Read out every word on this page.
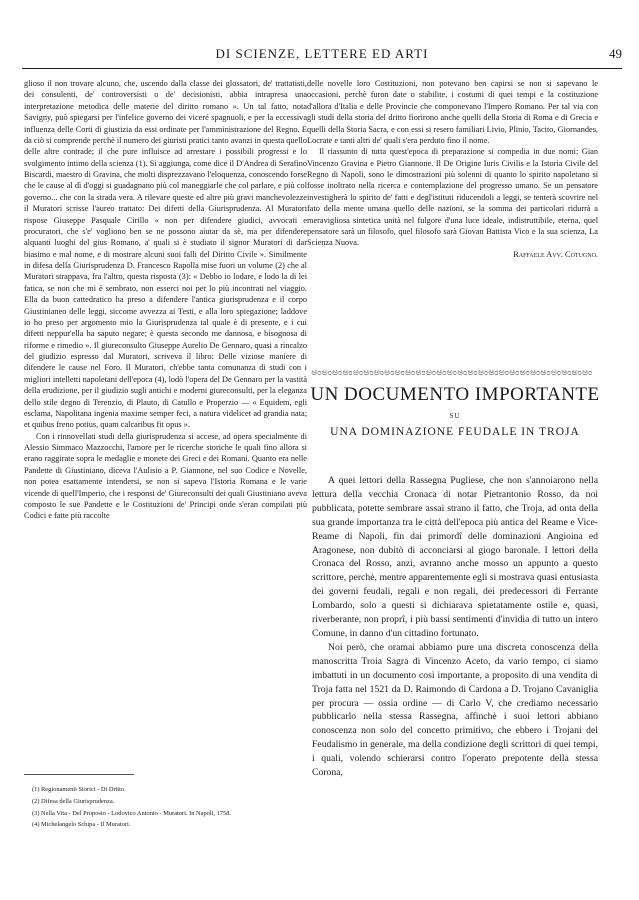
DI SCIENZE, LETTERE ED ARTI	49

glioso il non trovare alcuno, che, uscendo dalla classe dei glossatori, de' trattatisti, dei consulenti, de' controversisti o de' decisionisti, abbia intrapresa una interpretazione metodica delle materie del diritto romano ». Un tal fatto, nota Savigny, può spiegarsi per l'infelice governo dei viceré spagnuoli, e per la eccessiva influenza delle Corti di giustizia da essi ordinate per l'amministrazione del Regno. E da ciò si comprende perchè il numero dei giuristi pratici tanto avanzi in questa quello delle altre contrade; il che pure influisce ad arrestare i possibili progressi e lo svolgimento intimo della scienza (1). Si aggiunga, come dice il D'Andrea di Serafino Biscardi, maestro di Gravina, che molti disprezzavano l'eloquenza, conoscendo forse che le cause al dì d'oggi si guadagnano più col maneggiarle che col parlare, e più col governo... che con la strada vera. A rilevare queste ed altre più gravi manchevolezze il Muratori scrisse l'aureo trattato: Dei difetti della Giurisprudenza. Al Muratori rispose Giuseppe Pasquale Cirillo « non per difendere giudici, avvocati e procuratori, che s'e' vogliono ben se ne possono aiutar da sè, ma per difendere alquanti luoghi del gius Romano, a' quali si è studiato il signor Muratori di dar biasimo e mal nome, e di mostrare alcuni suoi falli del Diritto Civile ». Similmente in difesa della Giurisprudenza D. Francesco Rapolla mise fuori un volume (2) che al Muratori strappava, fra l'altro, questa risposta (3): « Debbo io lodare, e lodo la di lei fatica, se non che mi è sembrato, non esserci noi per lo più incontrati nel viaggio. Ella da buon cattedratico ha preso a difendere l'antica giurisprudenza e il corpo Giustinianeo delle leggi, siccome avvezza ai Testi, e alla loro spiegazione; laddove io ho preso per argomento mio la Giurisprudenza tal quale è di presente, e i cui difetti neppur'ella ha saputo negare; è questa secondo me dannosa, e bisognosa di riforme e rimedio ». Il giureconsulto Giuseppe Aurelio De Gennaro, quasi a rincalzo del giudizio espresso dal Muratori, scriveva il libro: Delle viziose maniere di difendere le cause nel Foro. Il Muratori, ch'ebbe tanta comunanza di studi con i migliori intelletti napoletani dell'epoca (4), lodò l'opera del De Gennaro per la vastità della erudizione, per il giudizio sugli antichi e moderni giureconsulti, per la eleganza dello stile degno di Terenzio, di Plauto, di Catullo e Properzio — « Equidem, egli esclama, Napolitana ingenia maxime semper feci, a natura videlicet ad grandia nata; et quibus freno potius, quam calcaribus fit opus ».

Con i rinnovellati studi della giurisprudenza si accese, ad opera specialmente di Alessio Simmaco Mazzocchi, l'amore per le ricerche storiche le quali fino allora si erano raggirate sopra le medaglie e monete dei Greci e dei Romani. Quanto era nelle Pandette di Giustiniano, diceva l'Aulisio a P. Giannone, nel suo Codice e Novelle, non potea esattamente intendersi, se non si sapeva l'Istoria Romana e le varie vicende di quell'Imperio, che i responsi de' Giureconsulti dei quali Giustiniano aveva composto le sue Pandette e le Costituzioni de' Principi onde s'eran compilati più Codici e fatte più raccolte

delle novelle loro Costituzioni, non potevano ben capirsi se non si sapevano le occasioni, perchè furon date o stabilite, i costumi di quei tempi e la costituzione d'allora d'Italia e delle Provincie che componevano l'Impero Romano. Per tal via con gli studi della storia del dritto fiorirono anche quelli della Storia di Roma e di Grecia e quelli della Storia Sacra, e con essi si resero familiari Livio, Plinio, Tacito, Giornandes, Locrate e tanti altri de' quali s'era perduto fino il nome.

Il riassunto di tutta quest'epoca di preparazione si compedia in due nomi: Gian Vincenzo Gravina e Pietro Giannone. Il De Origine Iuris Civilis e la Istoria Civile del Regno di Napoli, sono le dimostrazioni più solenni di quanto lo spirito napoletano si fosse inoltrato nella ricerca e contemplazione del progresso umano. Se un pensatore investigherà lo spirito de' fatti e degl'istituti riducendoli a leggi, se tenterà scovrire nel fato della mente umana quello delle nazioni, se la somma dei particolari ridurrà a meravigliosa sintetica unità nel fulgore d'una luce ideale, indistruttibile, eterna, quel pensatore sarà un filosofo, quel filosofo sarà Giovan Battista Vico e la sua scienza, La Scienza Nuova.

Raffaele Avv. Cotugno.
ಅಂಅಂಅಂಅಂಅಂಅಂಅಂಅಂಅಂಅಂಅಂಅಂಅಂಅಂಅಂಅಂಅಂಅಂಅಂಅಂಅಂಅಂಅಂಅಂಅಂಅಂಅಂ
UN DOCUMENTO IMPORTANTE
SU
UNA DOMINAZIONE FEUDALE IN TROJA

A quei lettori della Rassegna Pugliese, che non s'annoiarono nella lettura della vecchia Cronaca di notar Pietrantonio Rosso, da noi pubblicata, potette sembrare assai strano il fatto, che Troja, ad onta della sua grande importanza tra le città dell'epoca più antica del Reame e Vice-Reame di Napoli, fin dai primordî delle dominazioni Angioina ed Aragonese, non dubitò di acconciarsi al giogo baronale. I lettori della Cronaca del Rosso, anzi, avranno anche mosso un appunto a questo scrittore, perchè, mentre apparentemente egli si mostrava quasi entusiasta dei governi feudali, regali e non regali, dei predecessori di Ferrante Lombardo, solo a questi si dichiarava spietatamente ostile e, quasi, riverberante, non proprî, i più bassi sentimenti d'invidia di tutto un intero Comune, in danno d'un cittadino fortunato.

Noi però, che oramai abbiamo pure una discreta conoscenza della manoscritta Troia Sagra di Vincenzo Aceto, da vario tempo, ci siamo imbattuti in un documento così importante, a proposito di una vendita di Troja fatta nel 1521 da D. Raimondo di Cardona a D. Trojano Cavaniglia per procura — ossia ordine — di Carlo V, che crediamo necessario pubblicarlo nella stessa Rassegna, affinchè i suoi lettori abbiano conoscenza non solo del concetto primitivo, che ebbero i Trojani del Feudalismo in generale, ma della condizione degli scrittori di quei tempi, i quali, volendo schierarsi contro l'operato prepotente della stessa Corona,

(1) Regionamenti Storici - Di Dritto.
(2) Difesa della Giurisprudenza.
(3) Nella Vita - Del Proposto - Lodovico Antonio - Muratori. In Napoli, 1758.
(4) Michelangelo Schipa - Il Muratori.
